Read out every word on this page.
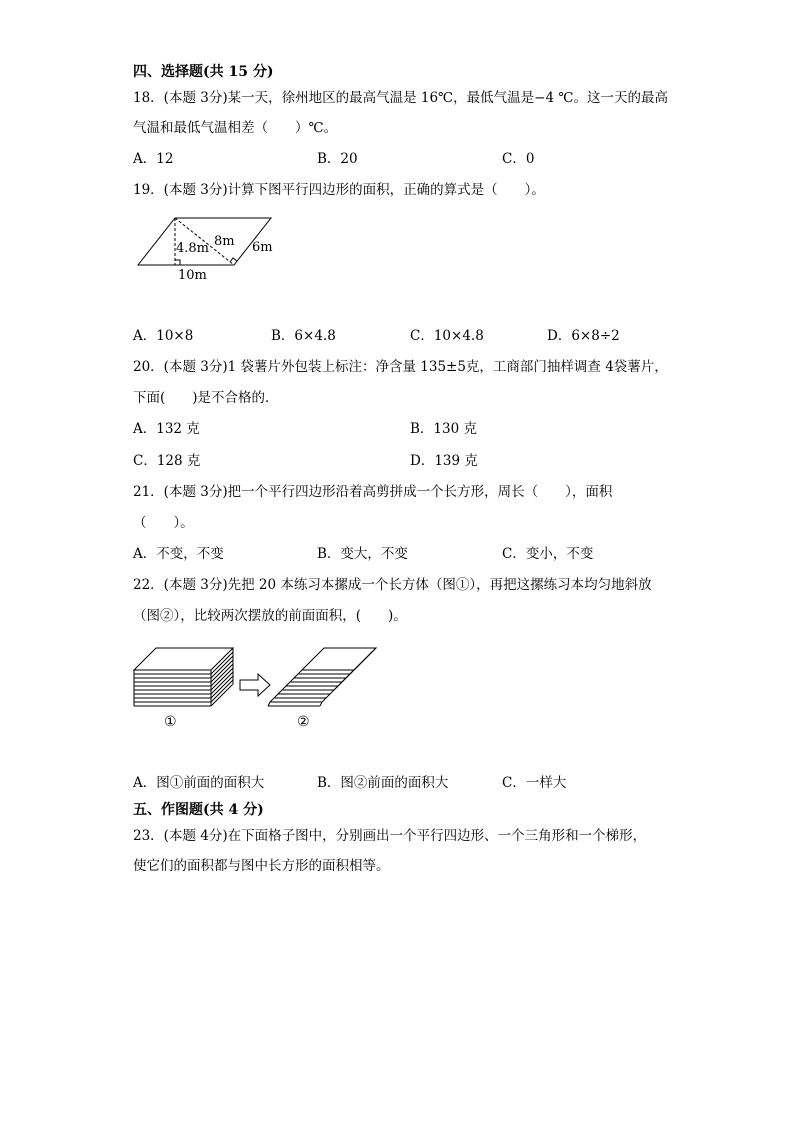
四、选择题(共 15 分)
18．(本题 3分)某一天，徐州地区的最高气温是 16℃，最低气温是−4 ℃。这一天的最高
气温和最低气温相差（　　）℃。
A．12	B．20	C．0
19．(本题 3分)计算下图平行四边形的面积，正确的算式是（　　）。
4.8m 8m 6m
10m
A．10×8	B．6×4.8	C．10×4.8	D．6×8÷2
20．(本题 3分)1 袋薯片外包装上标注：净含量 135±5克，工商部门抽样调查 4袋薯片，
下面(　　)是不合格的．
A．132 克	B．130 克
C．128 克	D．139 克
21．(本题 3分)把一个平行四边形沿着高剪拼成一个长方形，周长（　　），面积
（　　）。
A．不变，不变	B．变大，不变	C．变小，不变
22．(本题 3分)先把 20 本练习本摞成一个长方体（图①），再把这摞练习本均匀地斜放
（图②），比较两次摆放的前面面积，(　　)。
①	②
A．图①前面的面积大	B．图②前面的面积大	C．一样大
五、作图题(共 4 分)
23．(本题 4分)在下面格子图中，分别画出一个平行四边形、一个三角形和一个梯形，
使它们的面积都与图中长方形的面积相等。
